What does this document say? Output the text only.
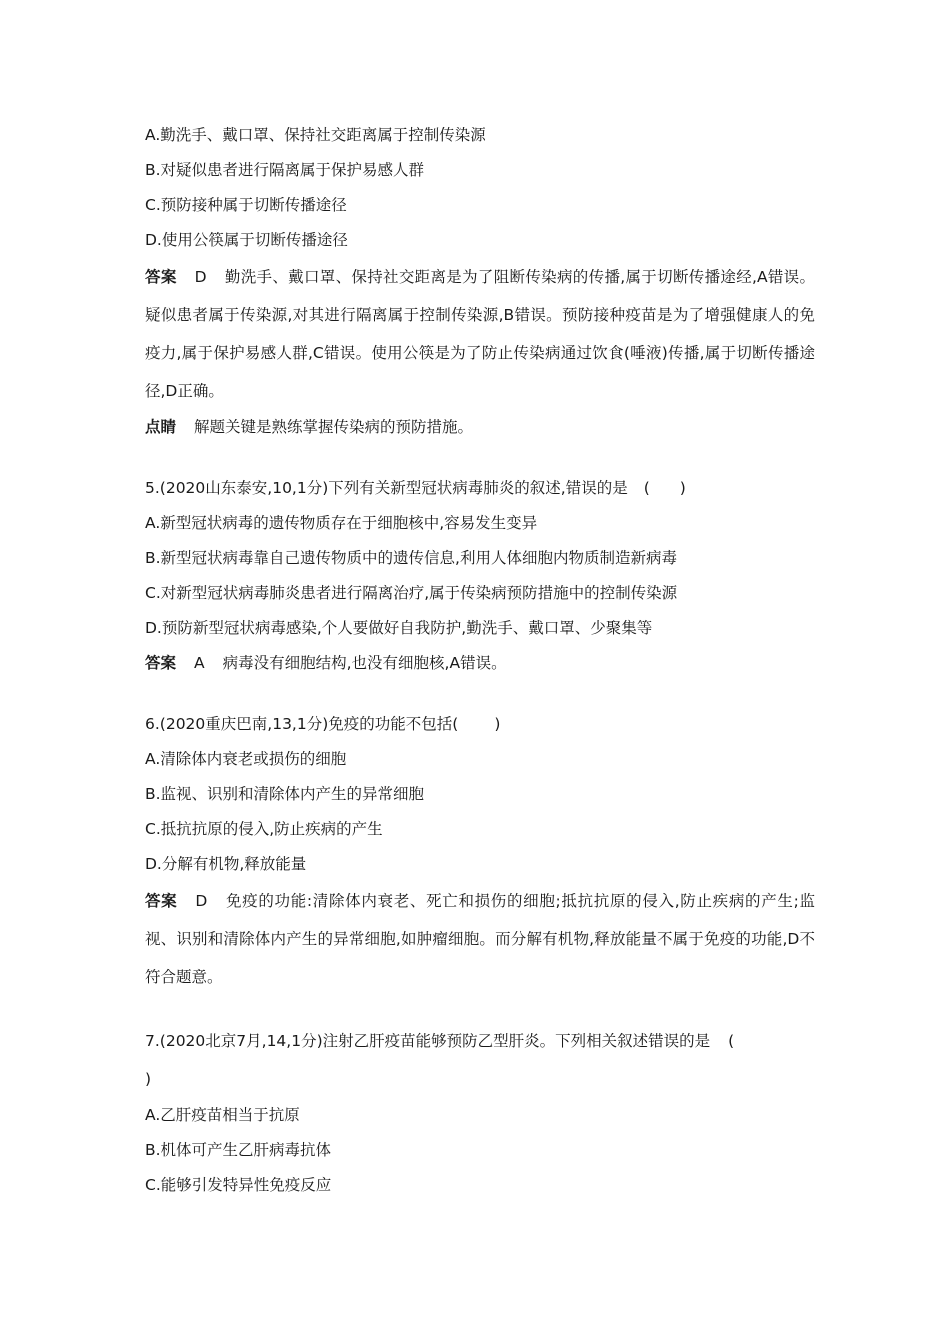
A.勤洗手、戴口罩、保持社交距离属于控制传染源
B.对疑似患者进行隔离属于保护易感人群
C.预防接种属于切断传播途径
D.使用公筷属于切断传播途径
答案 D 勤洗手、戴口罩、保持社交距离是为了阻断传染病的传播,属于切断传播途经,A错误。疑似患者属于传染源,对其进行隔离属于控制传染源,B错误。预防接种疫苗是为了增强健康人的免疫力,属于保护易感人群,C错误。使用公筷是为了防止传染病通过饮食(唾液)传播,属于切断传播途径,D正确。
点睛 解题关键是熟练掌握传染病的预防措施。
5.(2020山东泰安,10,1分)下列有关新型冠状病毒肺炎的叙述,错误的是 ( )
A.新型冠状病毒的遗传物质存在于细胞核中,容易发生变异
B.新型冠状病毒靠自己遗传物质中的遗传信息,利用人体细胞内物质制造新病毒
C.对新型冠状病毒肺炎患者进行隔离治疗,属于传染病预防措施中的控制传染源
D.预防新型冠状病毒感染,个人要做好自我防护,勤洗手、戴口罩、少聚集等
答案 A 病毒没有细胞结构,也没有细胞核,A错误。
6.(2020重庆巴南,13,1分)免疫的功能不包括( )
A.清除体内衰老或损伤的细胞
B.监视、识别和清除体内产生的异常细胞
C.抵抗抗原的侵入,防止疾病的产生
D.分解有机物,释放能量
答案 D 免疫的功能:清除体内衰老、死亡和损伤的细胞;抵抗抗原的侵入,防止疾病的产生;监视、识别和清除体内产生的异常细胞,如肿瘤细胞。而分解有机物,释放能量不属于免疫的功能,D不符合题意。
7.(2020北京7月,14,1分)注射乙肝疫苗能够预防乙型肝炎。下列相关叙述错误的是 (
)
A.乙肝疫苗相当于抗原
B.机体可产生乙肝病毒抗体
C.能够引发特异性免疫反应
